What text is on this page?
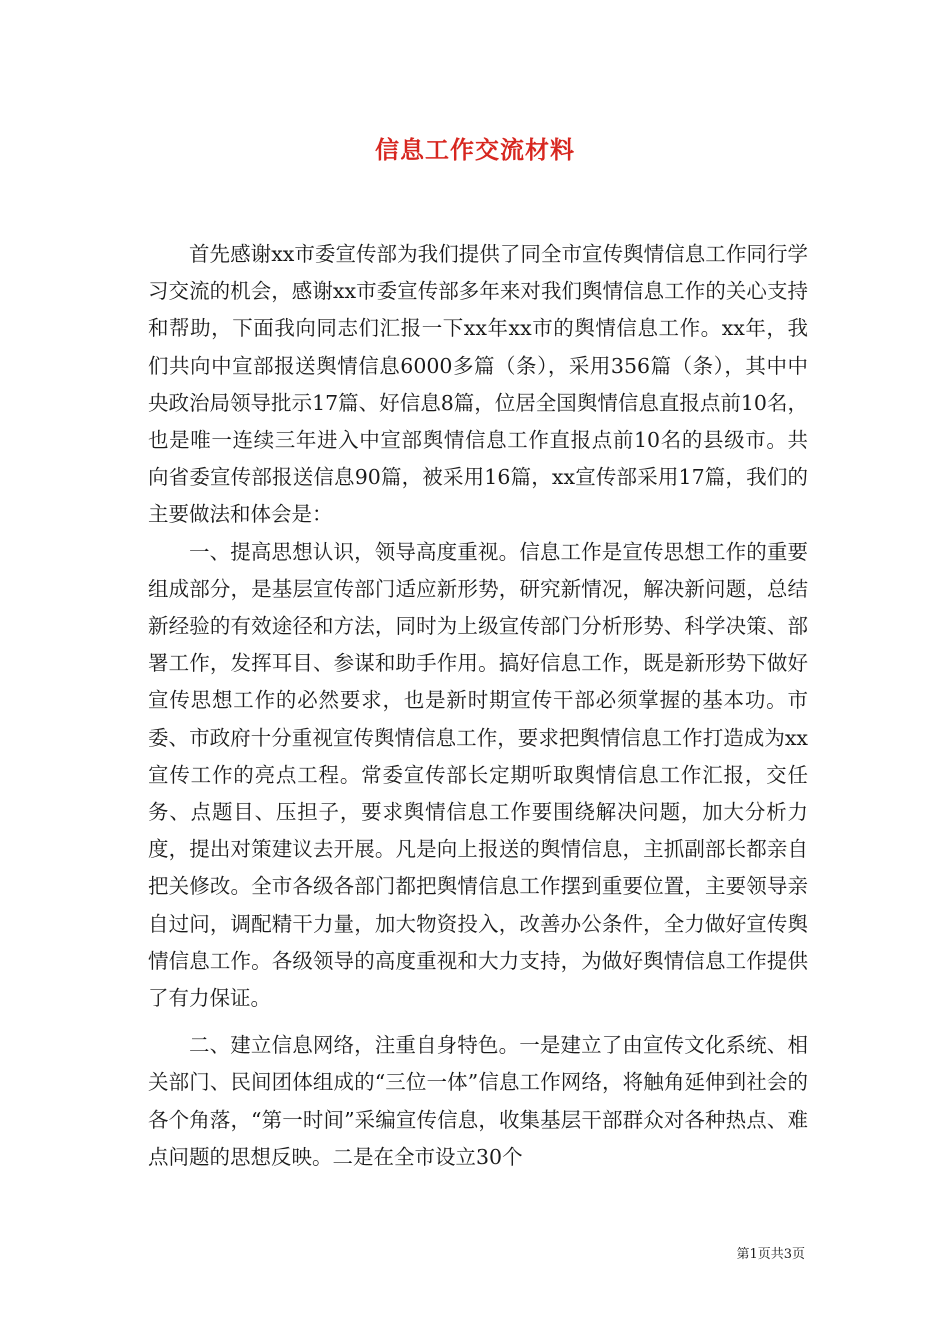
信息工作交流材料

首先感谢xx市委宣传部为我们提供了同全市宣传舆情信息工作同行学习交流的机会，感谢xx市委宣传部多年来对我们舆情信息工作的关心支持和帮助，下面我向同志们汇报一下xx年xx市的舆情信息工作。xx年，我们共向中宣部报送舆情信息6000多篇（条），采用356篇（条），其中中央政治局领导批示17篇、好信息8篇，位居全国舆情信息直报点前10名，也是唯一连续三年进入中宣部舆情信息工作直报点前10名的县级市。共向省委宣传部报送信息90篇，被采用16篇，xx宣传部采用17篇，我们的主要做法和体会是：

一、提高思想认识，领导高度重视。信息工作是宣传思想工作的重要组成部分，是基层宣传部门适应新形势，研究新情况，解决新问题，总结新经验的有效途径和方法，同时为上级宣传部门分析形势、科学决策、部署工作，发挥耳目、参谋和助手作用。搞好信息工作，既是新形势下做好宣传思想工作的必然要求，也是新时期宣传干部必须掌握的基本功。市委、市政府十分重视宣传舆情信息工作，要求把舆情信息工作打造成为xx宣传工作的亮点工程。常委宣传部长定期听取舆情信息工作汇报，交任务、点题目、压担子，要求舆情信息工作要围绕解决问题，加大分析力度，提出对策建议去开展。凡是向上报送的舆情信息，主抓副部长都亲自把关修改。全市各级各部门都把舆情信息工作摆到重要位置，主要领导亲自过问，调配精干力量，加大物资投入，改善办公条件，全力做好宣传舆情信息工作。各级领导的高度重视和大力支持，为做好舆情信息工作提供了有力保证。

二、建立信息网络，注重自身特色。一是建立了由宣传文化系统、相关部门、民间团体组成的“三位一体”信息工作网络，将触角延伸到社会的各个角落，“第一时间”采编宣传信息，收集基层干部群众对各种热点、难点问题的思想反映。二是在全市设立30个

第1页共3页
